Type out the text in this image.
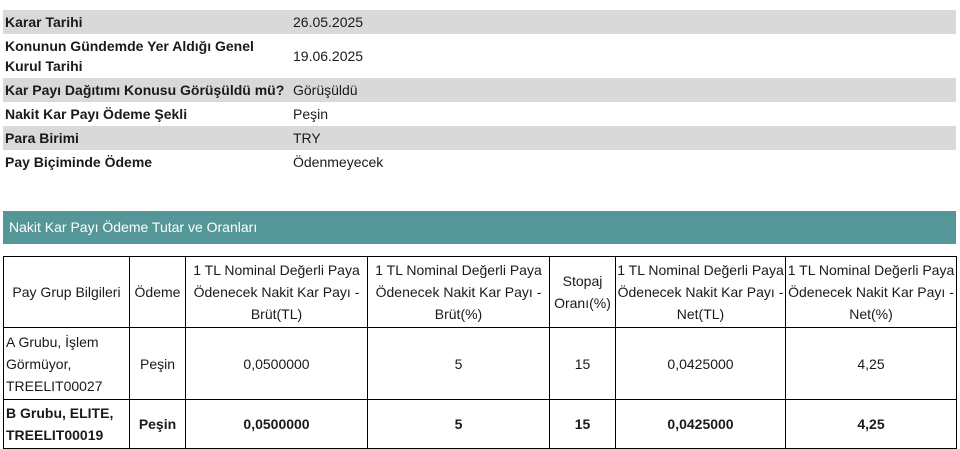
Karar Tarihi	26.05.2025
Konunun Gündemde Yer Aldığı Genel Kurul Tarihi	19.06.2025
Kar Payı Dağıtımı Konusu Görüşüldü mü?	Görüşüldü
Nakit Kar Payı Ödeme Şekli	Peşin
Para Birimi	TRY
Pay Biçiminde Ödeme	Ödenmeyecek
Nakit Kar Payı Ödeme Tutar ve Oranları
Pay Grup Bilgileri	Ödeme	1 TL Nominal Değerli Paya Ödenecek Nakit Kar Payı - Brüt(TL)	1 TL Nominal Değerli Paya Ödenecek Nakit Kar Payı - Brüt(%)	Stopaj Oranı(%)	1 TL Nominal Değerli Paya Ödenecek Nakit Kar Payı - Net(TL)	1 TL Nominal Değerli Paya Ödenecek Nakit Kar Payı - Net(%)
A Grubu, İşlem Görmüyor, TREELIT00027	Peşin	0,0500000	5	15	0,0425000	4,25
B Grubu, ELITE, TREELIT00019	Peşin	0,0500000	5	15	0,0425000	4,25
